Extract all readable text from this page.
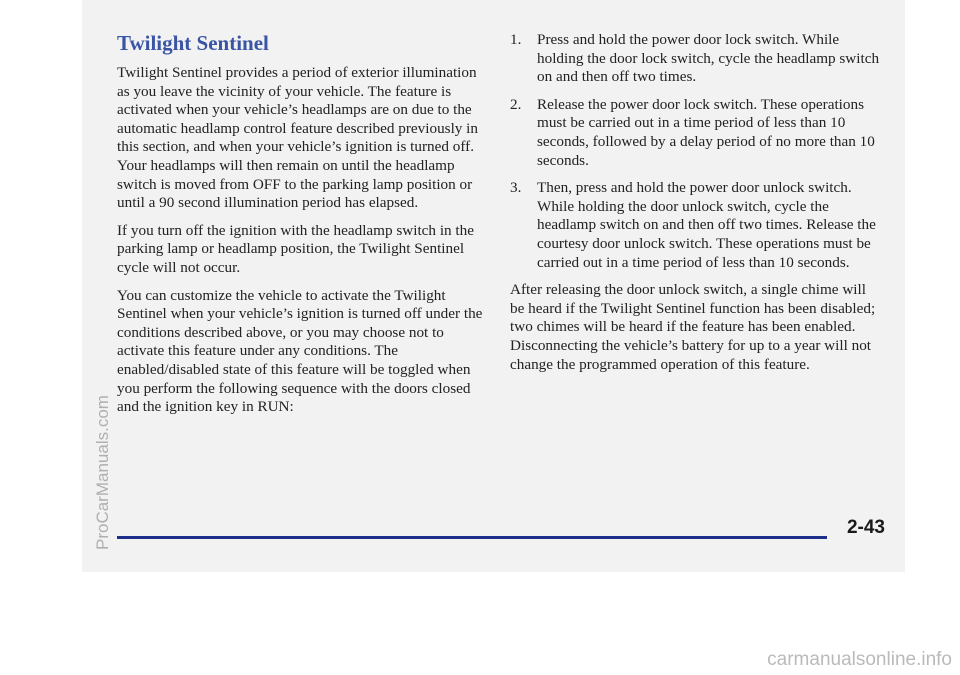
Twilight Sentinel

Twilight Sentinel provides a period of exterior illumination as you leave the vicinity of your vehicle. The feature is activated when your vehicle’s headlamps are on due to the automatic headlamp control feature described previously in this section, and when your vehicle’s ignition is turned off. Your headlamps will then remain on until the headlamp switch is moved from OFF to the parking lamp position or until a 90 second illumination period has elapsed.

If you turn off the ignition with the headlamp switch in the parking lamp or headlamp position, the Twilight Sentinel cycle will not occur.

You can customize the vehicle to activate the Twilight Sentinel when your vehicle’s ignition is turned off under the conditions described above, or you may choose not to activate this feature under any conditions. The enabled/disabled state of this feature will be toggled when you perform the following sequence with the doors closed and the ignition key in RUN:

1. Press and hold the power door lock switch. While holding the door lock switch, cycle the headlamp switch on and then off two times.
2. Release the power door lock switch. These operations must be carried out in a time period of less than 10 seconds, followed by a delay period of no more than 10 seconds.
3. Then, press and hold the power door unlock switch. While holding the door unlock switch, cycle the headlamp switch on and then off two times. Release the courtesy door unlock switch. These operations must be carried out in a time period of less than 10 seconds.

After releasing the door unlock switch, a single chime will be heard if the Twilight Sentinel function has been disabled; two chimes will be heard if the feature has been enabled. Disconnecting the vehicle’s battery for up to a year will not change the programmed operation of this feature.

2-43
ProCarManuals.com
carmanualsonline.info
